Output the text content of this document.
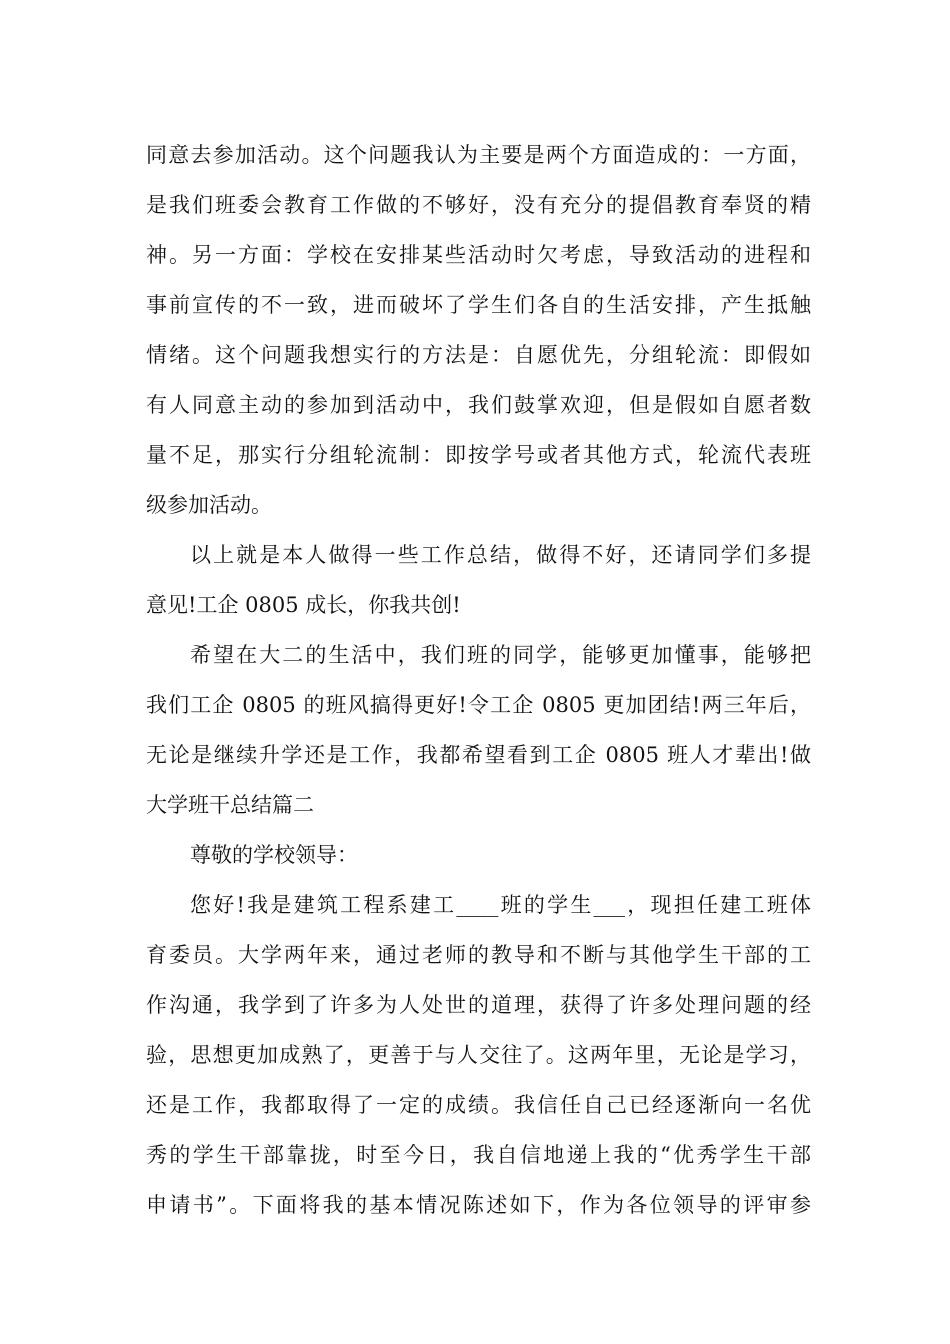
同意去参加活动。这个问题我认为主要是两个方面造成的：一方面，
是我们班委会教育工作做的不够好，没有充分的提倡教育奉贤的精
神。另一方面：学校在安排某些活动时欠考虑，导致活动的进程和
事前宣传的不一致，进而破坏了学生们各自的生活安排，产生抵触
情绪。这个问题我想实行的方法是：自愿优先，分组轮流：即假如
有人同意主动的参加到活动中，我们鼓掌欢迎，但是假如自愿者数
量不足，那实行分组轮流制：即按学号或者其他方式，轮流代表班
级参加活动。
以上就是本人做得一些工作总结，做得不好，还请同学们多提
意见!工企 0805 成长，你我共创!
希望在大二的生活中，我们班的同学，能够更加懂事，能够把
我们工企 0805 的班风搞得更好!令工企 0805 更加团结!两三年后，
无论是继续升学还是工作，我都希望看到工企 0805 班人才辈出!做
大学班干总结篇二
尊敬的学校领导：
您好!我是建筑工程系建工____班的学生___，现担任建工班体
育委员。大学两年来，通过老师的教导和不断与其他学生干部的工
作沟通，我学到了许多为人处世的道理，获得了许多处理问题的经
验，思想更加成熟了，更善于与人交往了。这两年里，无论是学习，
还是工作，我都取得了一定的成绩。我信任自己已经逐渐向一名优
秀的学生干部靠拢，时至今日，我自信地递上我的“优秀学生干部
申请书”。下面将我的基本情况陈述如下，作为各位领导的评审参
